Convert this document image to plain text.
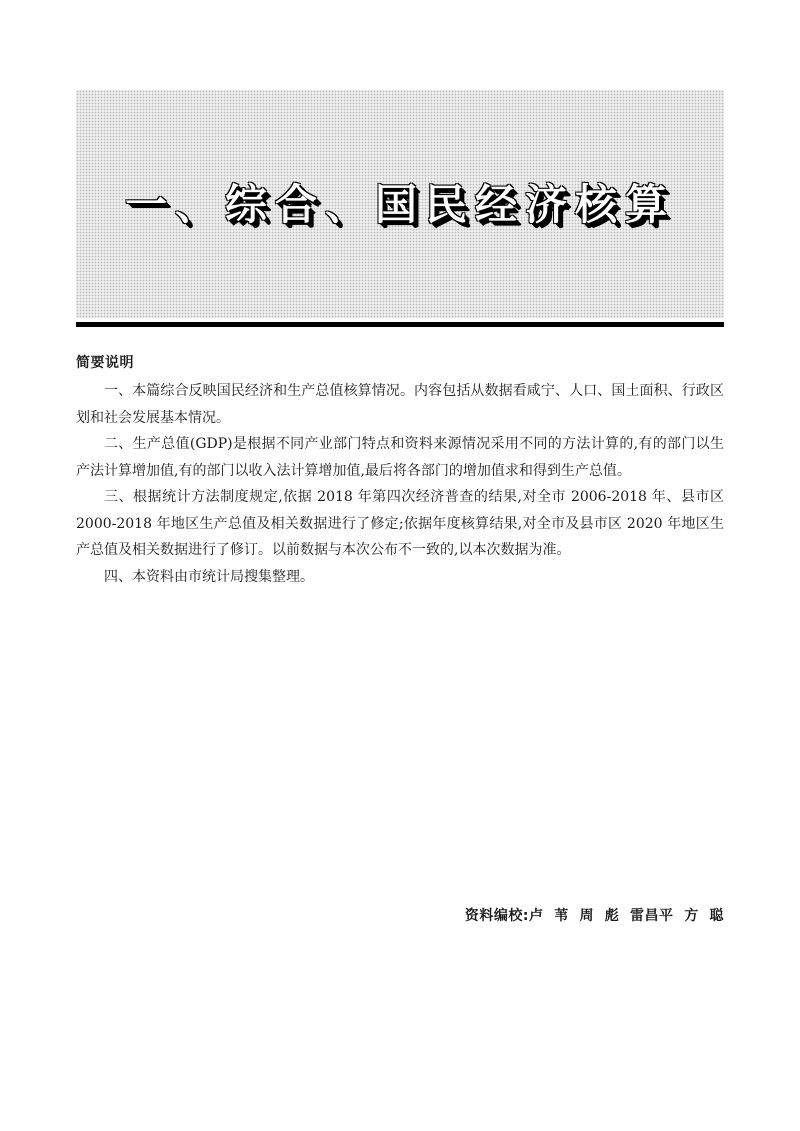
一、综合、国民经济核算
简要说明

一、本篇综合反映国民经济和生产总值核算情况。内容包括从数据看咸宁、人口、国土面积、行政区划和社会发展基本情况。

二、生产总值(GDP)是根据不同产业部门特点和资料来源情况采用不同的方法计算的,有的部门以生产法计算增加值,有的部门以收入法计算增加值,最后将各部门的增加值求和得到生产总值。

三、根据统计方法制度规定,依据 2018 年第四次经济普查的结果,对全市 2006-2018 年、县市区 2000-2018 年地区生产总值及相关数据进行了修定;依据年度核算结果,对全市及县市区 2020 年地区生产总值及相关数据进行了修订。以前数据与本次公布不一致的,以本次数据为准。

四、本资料由市统计局搜集整理。

资料编校:卢  苇  周  彪  雷昌平  方  聪
